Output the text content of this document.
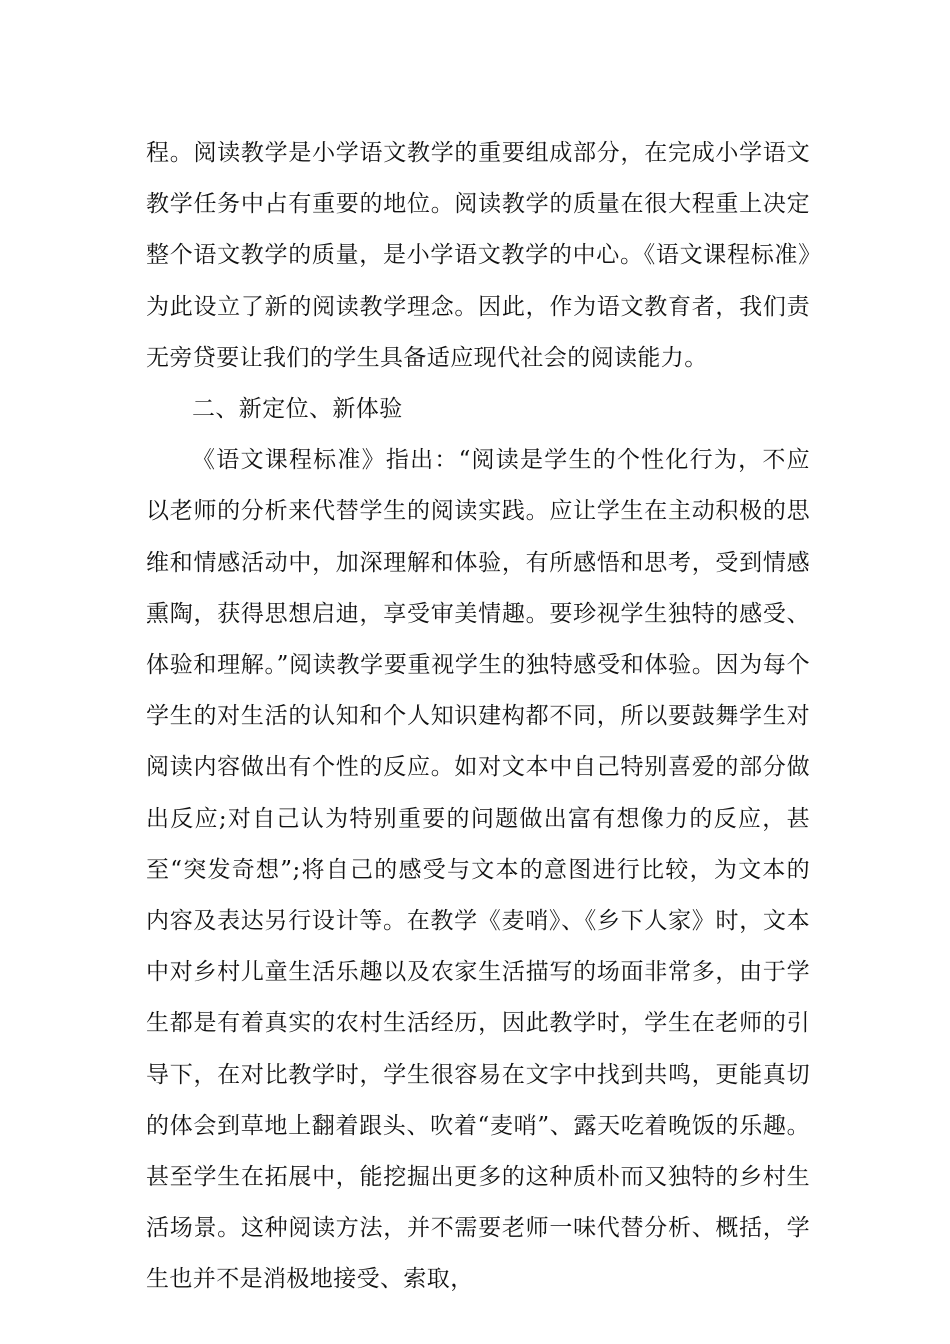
程。阅读教学是小学语文教学的重要组成部分，在完成小学语文教学任务中占有重要的地位。阅读教学的质量在很大程重上决定整个语文教学的质量，是小学语文教学的中心。《语文课程标准》为此设立了新的阅读教学理念。因此，作为语文教育者，我们责无旁贷要让我们的学生具备适应现代社会的阅读能力。

二、新定位、新体验

《语文课程标准》指出：“阅读是学生的个性化行为，不应以老师的分析来代替学生的阅读实践。应让学生在主动积极的思维和情感活动中，加深理解和体验，有所感悟和思考，受到情感熏陶，获得思想启迪，享受审美情趣。要珍视学生独特的感受、体验和理解。”阅读教学要重视学生的独特感受和体验。因为每个学生的对生活的认知和个人知识建构都不同，所以要鼓舞学生对阅读内容做出有个性的反应。如对文本中自己特别喜爱的部分做出反应;对自己认为特别重要的问题做出富有想像力的反应，甚至“突发奇想”;将自己的感受与文本的意图进行比较，为文本的内容及表达另行设计等。在教学《麦哨》、《乡下人家》时，文本中对乡村儿童生活乐趣以及农家生活描写的场面非常多，由于学生都是有着真实的农村生活经历，因此教学时，学生在老师的引导下，在对比教学时，学生很容易在文字中找到共鸣，更能真切的体会到草地上翻着跟头、吹着“麦哨”、露天吃着晚饭的乐趣。甚至学生在拓展中，能挖掘出更多的这种质朴而又独特的乡村生活场景。这种阅读方法，并不需要老师一味代替分析、概括，学生也并不是消极地接受、索取，
